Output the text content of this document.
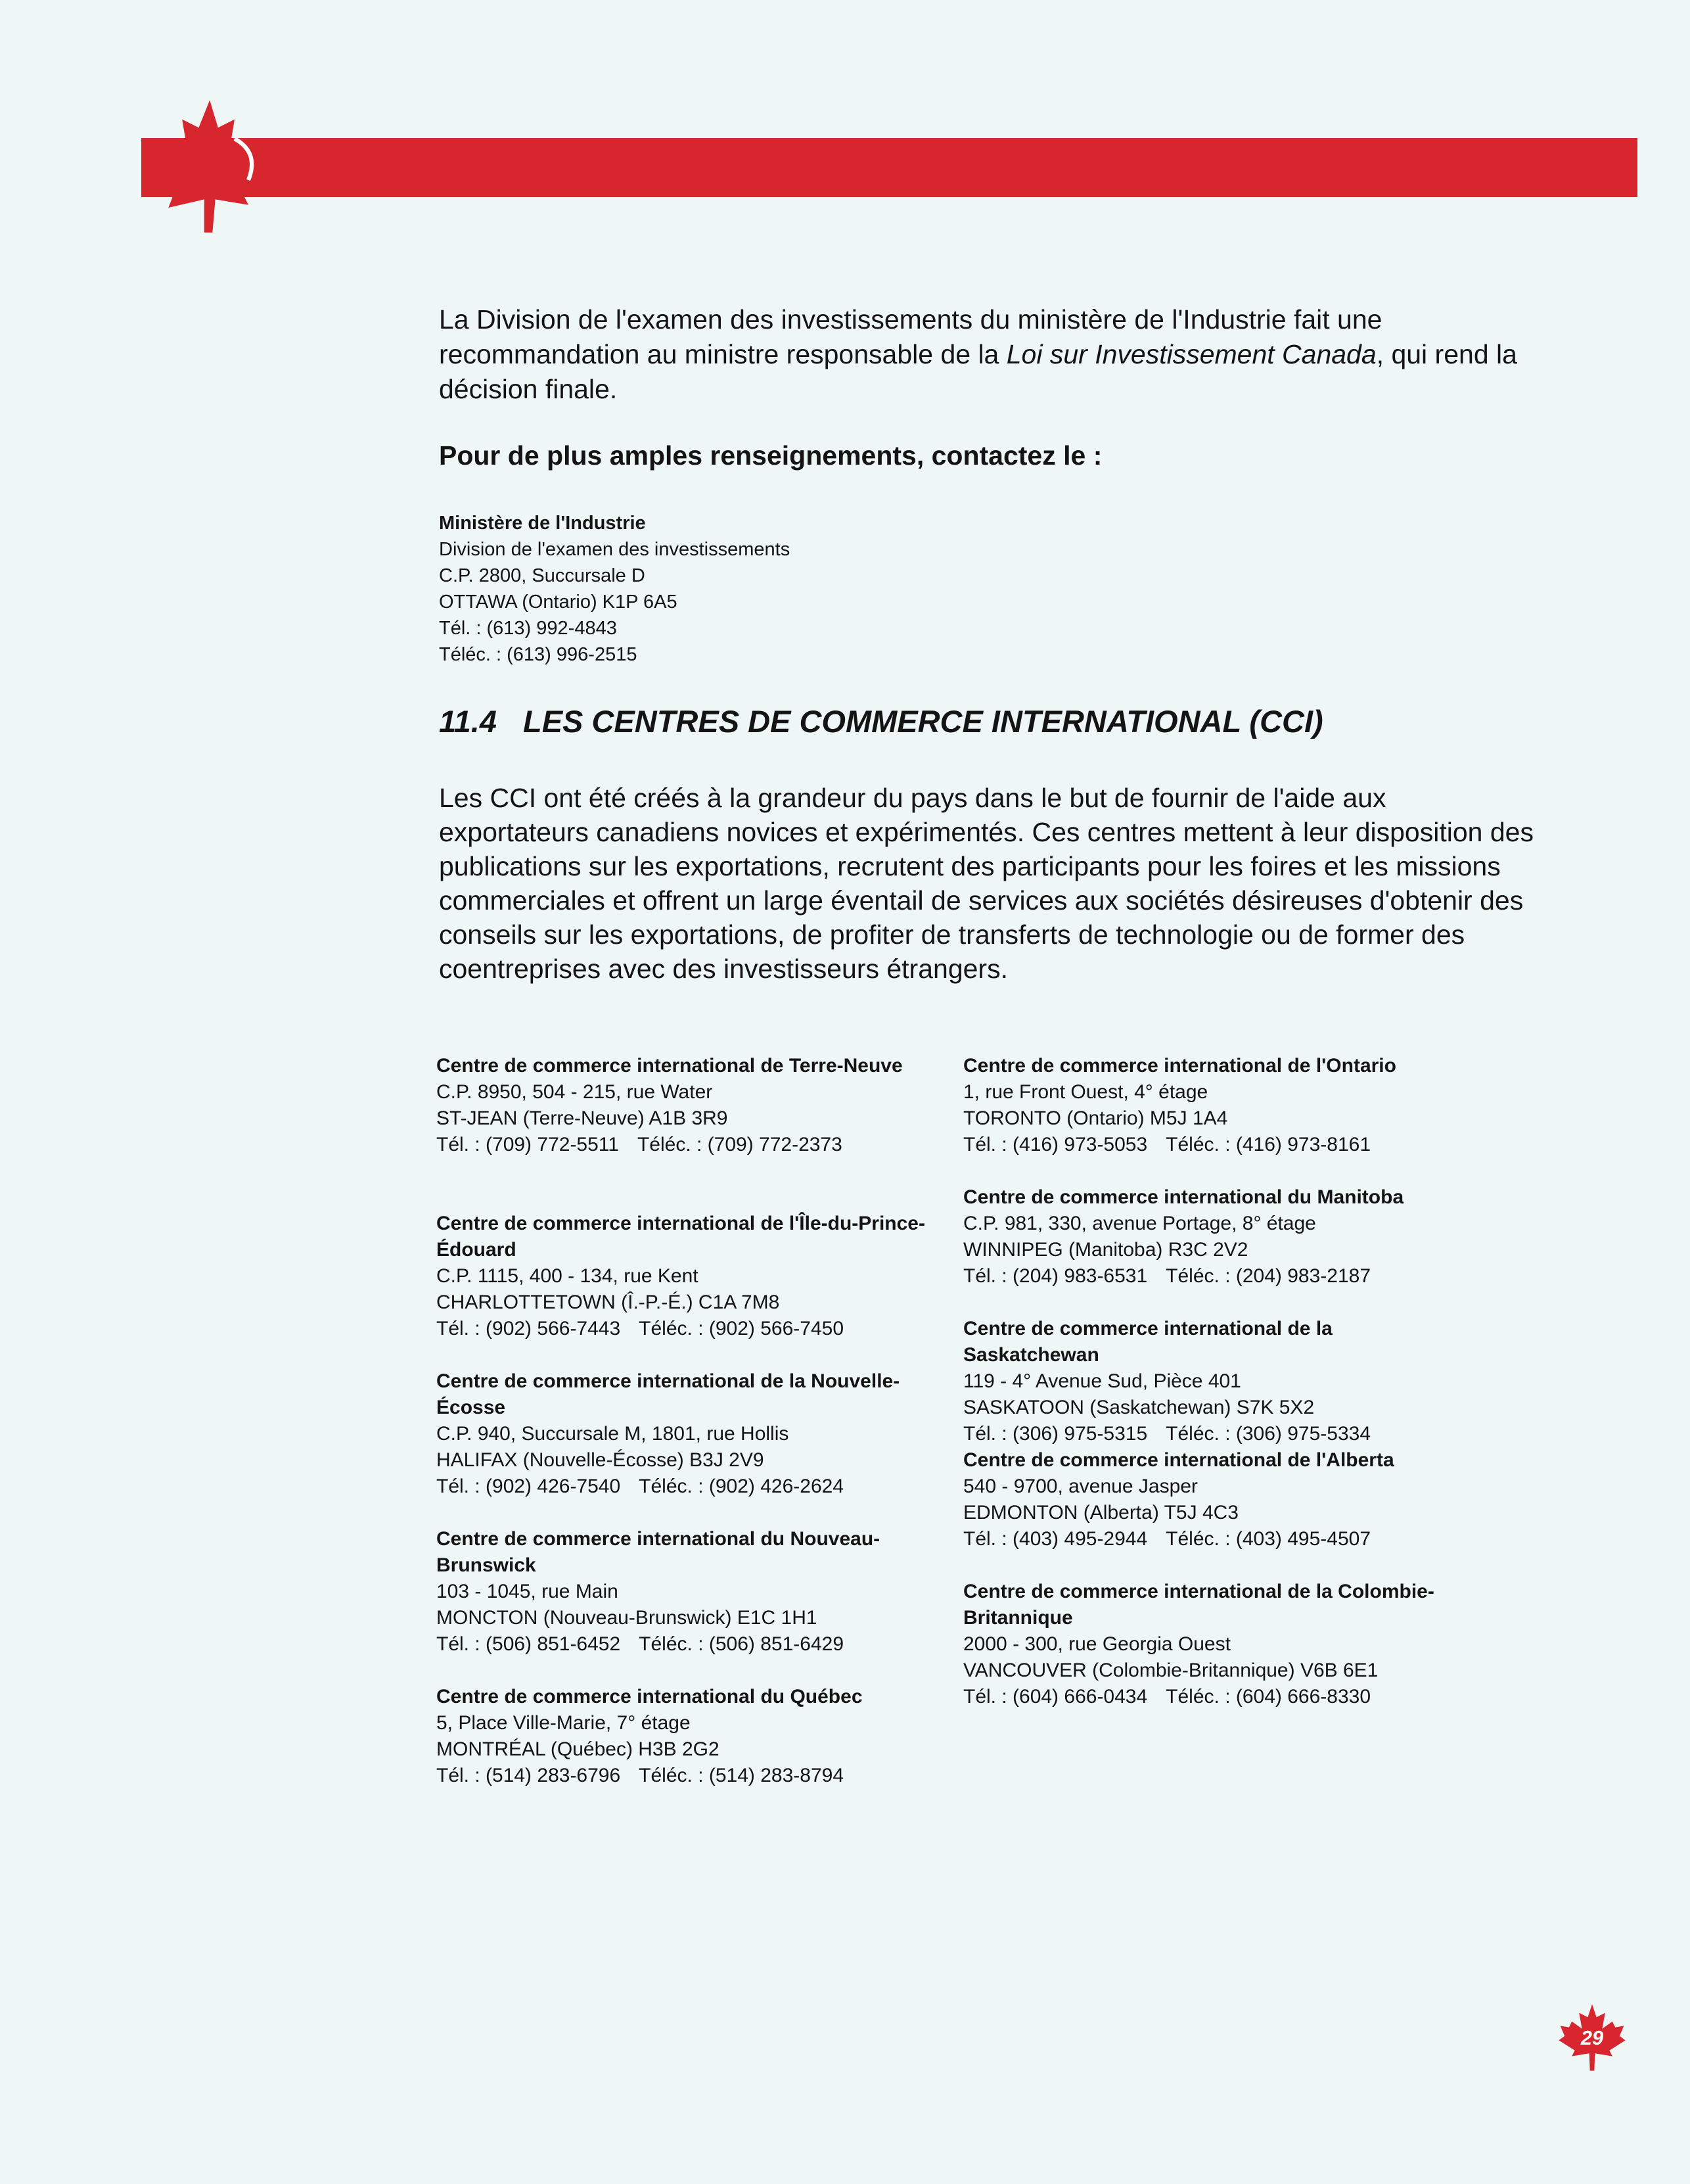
La Division de l'examen des investissements du ministère de l'Industrie fait une recommandation au ministre responsable de la Loi sur Investissement Canada, qui rend la décision finale.

Pour de plus amples renseignements, contactez le :

Ministère de l'Industrie
Division de l'examen des investissements
C.P. 2800, Succursale D
OTTAWA (Ontario) K1P 6A5
Tél. : (613) 992-4843
Téléc. : (613) 996-2515
11.4 LES CENTRES DE COMMERCE INTERNATIONAL (CCI)

Les CCI ont été créés à la grandeur du pays dans le but de fournir de l'aide aux exportateurs canadiens novices et expérimentés. Ces centres mettent à leur disposition des publications sur les exportations, recrutent des participants pour les foires et les missions commerciales et offrent un large éventail de services aux sociétés désireuses d'obtenir des conseils sur les exportations, de profiter de transferts de technologie ou de former des coentreprises avec des investisseurs étrangers.

Centre de commerce international de Terre-Neuve
C.P. 8950, 504 - 215, rue Water
ST-JEAN (Terre-Neuve) A1B 3R9
Tél. : (709) 772-5511 Téléc. : (709) 772-2373
Centre de commerce international de l'Île-du-Prince-Édouard
C.P. 1115, 400 - 134, rue Kent
CHARLOTTETOWN (Î.-P.-É.) C1A 7M8
Tél. : (902) 566-7443 Téléc. : (902) 566-7450
Centre de commerce international de la Nouvelle-Écosse
C.P. 940, Succursale M, 1801, rue Hollis
HALIFAX (Nouvelle-Écosse) B3J 2V9
Tél. : (902) 426-7540 Téléc. : (902) 426-2624
Centre de commerce international du Nouveau-Brunswick
103 - 1045, rue Main
MONCTON (Nouveau-Brunswick) E1C 1H1
Tél. : (506) 851-6452 Téléc. : (506) 851-6429
Centre de commerce international du Québec
5, Place Ville-Marie, 7° étage
MONTRÉAL (Québec) H3B 2G2
Tél. : (514) 283-6796 Téléc. : (514) 283-8794
Centre de commerce international de l'Ontario
1, rue Front Ouest, 4° étage
TORONTO (Ontario) M5J 1A4
Tél. : (416) 973-5053 Téléc. : (416) 973-8161
Centre de commerce international du Manitoba
C.P. 981, 330, avenue Portage, 8° étage
WINNIPEG (Manitoba) R3C 2V2
Tél. : (204) 983-6531 Téléc. : (204) 983-2187
Centre de commerce international de la Saskatchewan
119 - 4° Avenue Sud, Pièce 401
SASKATOON (Saskatchewan) S7K 5X2
Tél. : (306) 975-5315 Téléc. : (306) 975-5334
Centre de commerce international de l'Alberta
540 - 9700, avenue Jasper
EDMONTON (Alberta) T5J 4C3
Tél. : (403) 495-2944 Téléc. : (403) 495-4507
Centre de commerce international de la Colombie-Britannique
2000 - 300, rue Georgia Ouest
VANCOUVER (Colombie-Britannique) V6B 6E1
Tél. : (604) 666-0434 Téléc. : (604) 666-8330
29
